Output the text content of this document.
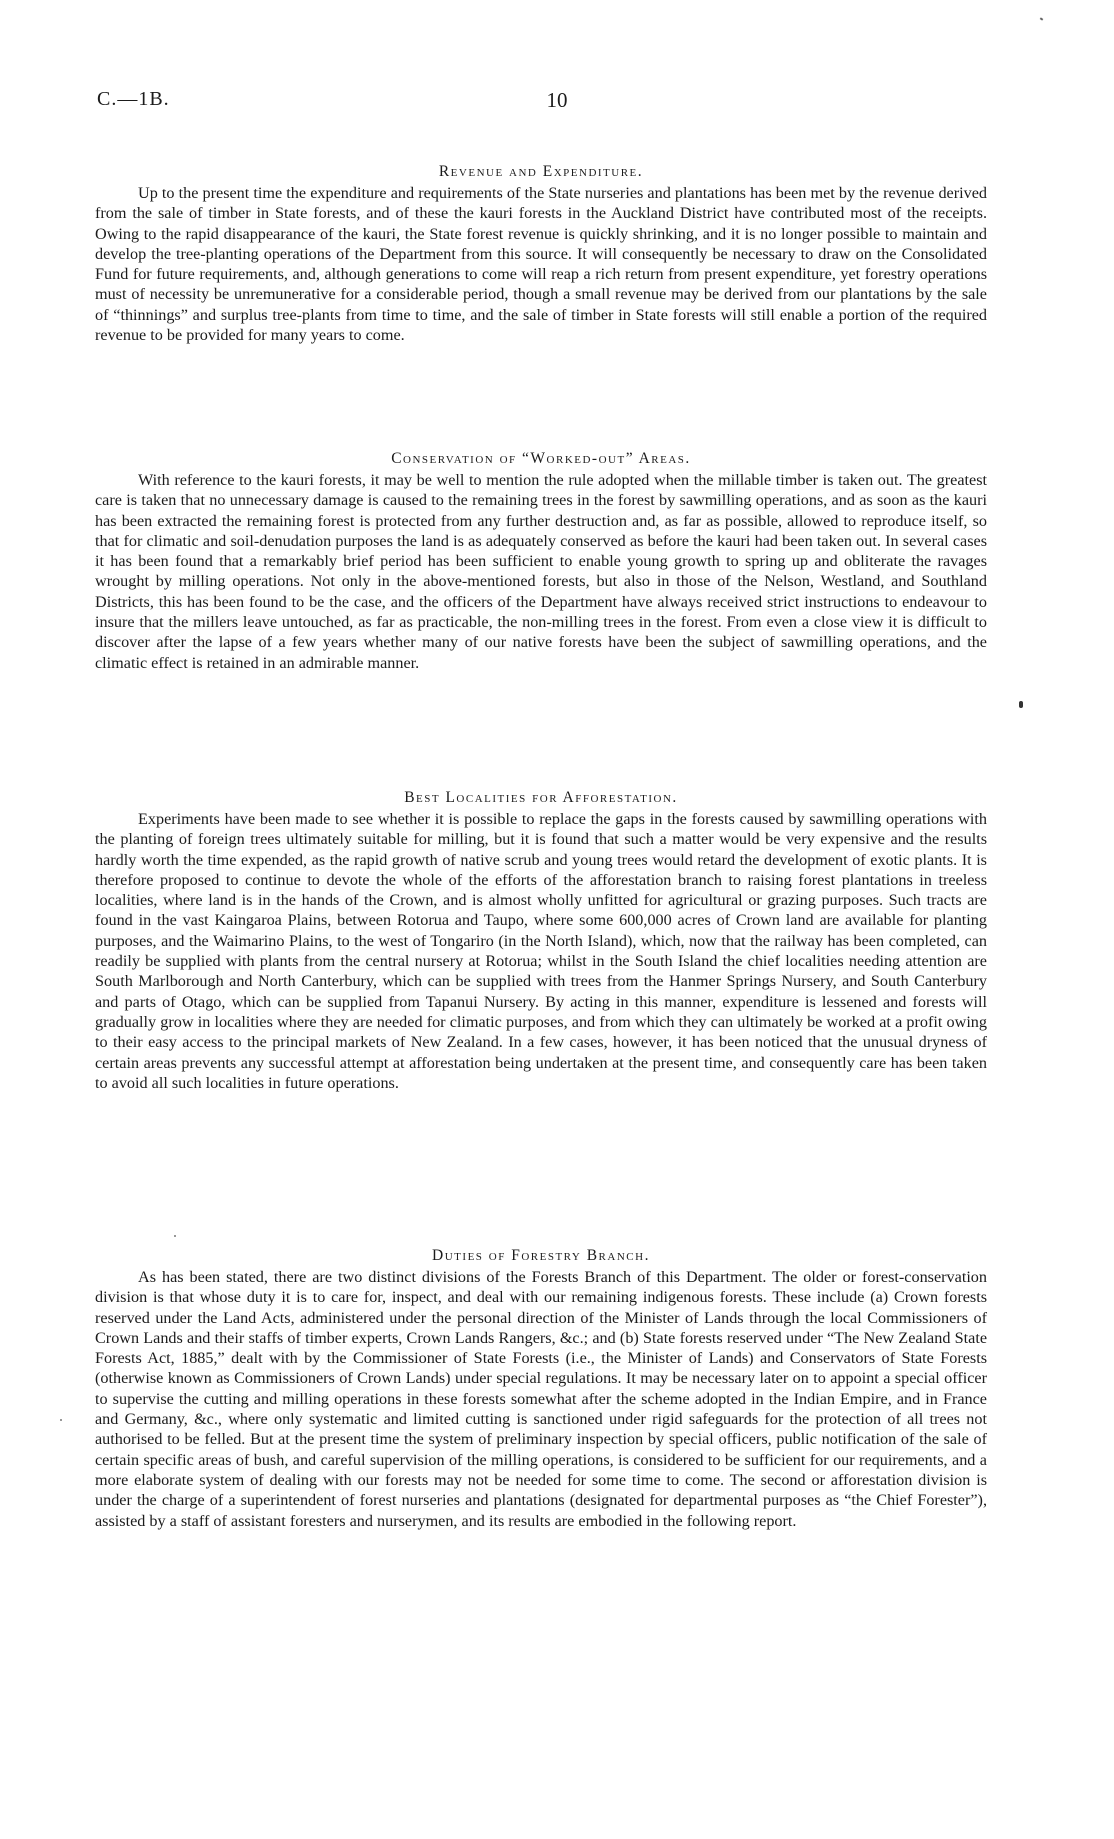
C.—1B.	10
Revenue and Expenditure.

Up to the present time the expenditure and requirements of the State nurseries and plantations has been met by the revenue derived from the sale of timber in State forests, and of these the kauri forests in the Auckland District have contributed most of the receipts. Owing to the rapid disappearance of the kauri, the State forest revenue is quickly shrinking, and it is no longer possible to maintain and develop the tree-planting operations of the Department from this source. It will consequently be necessary to draw on the Consolidated Fund for future requirements, and, although generations to come will reap a rich return from present expenditure, yet forestry operations must of necessity be unremunerative for a considerable period, though a small revenue may be derived from our plantations by the sale of “thinnings” and surplus tree-plants from time to time, and the sale of timber in State forests will still enable a portion of the required revenue to be provided for many years to come.

Conservation of “Worked-out” Areas.

With reference to the kauri forests, it may be well to mention the rule adopted when the millable timber is taken out. The greatest care is taken that no unnecessary damage is caused to the remaining trees in the forest by sawmilling operations, and as soon as the kauri has been extracted the remaining forest is protected from any further destruction and, as far as possible, allowed to reproduce itself, so that for climatic and soil-denudation purposes the land is as adequately conserved as before the kauri had been taken out. In several cases it has been found that a remarkably brief period has been sufficient to enable young growth to spring up and obliterate the ravages wrought by milling operations. Not only in the above-mentioned forests, but also in those of the Nelson, Westland, and Southland Districts, this has been found to be the case, and the officers of the Department have always received strict instructions to endeavour to insure that the millers leave untouched, as far as practicable, the non-milling trees in the forest. From even a close view it is difficult to discover after the lapse of a few years whether many of our native forests have been the subject of sawmilling operations, and the climatic effect is retained in an admirable manner.

Best Localities for Afforestation.

Experiments have been made to see whether it is possible to replace the gaps in the forests caused by sawmilling operations with the planting of foreign trees ultimately suitable for milling, but it is found that such a matter would be very expensive and the results hardly worth the time expended, as the rapid growth of native scrub and young trees would retard the development of exotic plants. It is therefore proposed to continue to devote the whole of the efforts of the afforestation branch to raising forest plantations in treeless localities, where land is in the hands of the Crown, and is almost wholly unfitted for agricultural or grazing purposes. Such tracts are found in the vast Kaingaroa Plains, between Rotorua and Taupo, where some 600,000 acres of Crown land are available for planting purposes, and the Waimarino Plains, to the west of Tongariro (in the North Island), which, now that the railway has been completed, can readily be supplied with plants from the central nursery at Rotorua; whilst in the South Island the chief localities needing attention are South Marlborough and North Canterbury, which can be supplied with trees from the Hanmer Springs Nursery, and South Canterbury and parts of Otago, which can be supplied from Tapanui Nursery. By acting in this manner, expenditure is lessened and forests will gradually grow in localities where they are needed for climatic purposes, and from which they can ultimately be worked at a profit owing to their easy access to the principal markets of New Zealand. In a few cases, however, it has been noticed that the unusual dryness of certain areas prevents any successful attempt at afforestation being undertaken at the present time, and consequently care has been taken to avoid all such localities in future operations.

Duties of Forestry Branch.

As has been stated, there are two distinct divisions of the Forests Branch of this Department. The older or forest-conservation division is that whose duty it is to care for, inspect, and deal with our remaining indigenous forests. These include (a) Crown forests reserved under the Land Acts, administered under the personal direction of the Minister of Lands through the local Commissioners of Crown Lands and their staffs of timber experts, Crown Lands Rangers, &c.; and (b) State forests reserved under “The New Zealand State Forests Act, 1885,” dealt with by the Commissioner of State Forests (i.e., the Minister of Lands) and Conservators of State Forests (otherwise known as Commissioners of Crown Lands) under special regulations. It may be necessary later on to appoint a special officer to supervise the cutting and milling operations in these forests somewhat after the scheme adopted in the Indian Empire, and in France and Germany, &c., where only systematic and limited cutting is sanctioned under rigid safeguards for the protection of all trees not authorised to be felled. But at the present time the system of preliminary inspection by special officers, public notification of the sale of certain specific areas of bush, and careful supervision of the milling operations, is considered to be sufficient for our requirements, and a more elaborate system of dealing with our forests may not be needed for some time to come. The second or afforestation division is under the charge of a superintendent of forest nurseries and plantations (designated for departmental purposes as “the Chief Forester”), assisted by a staff of assistant foresters and nurserymen, and its results are embodied in the following report.
